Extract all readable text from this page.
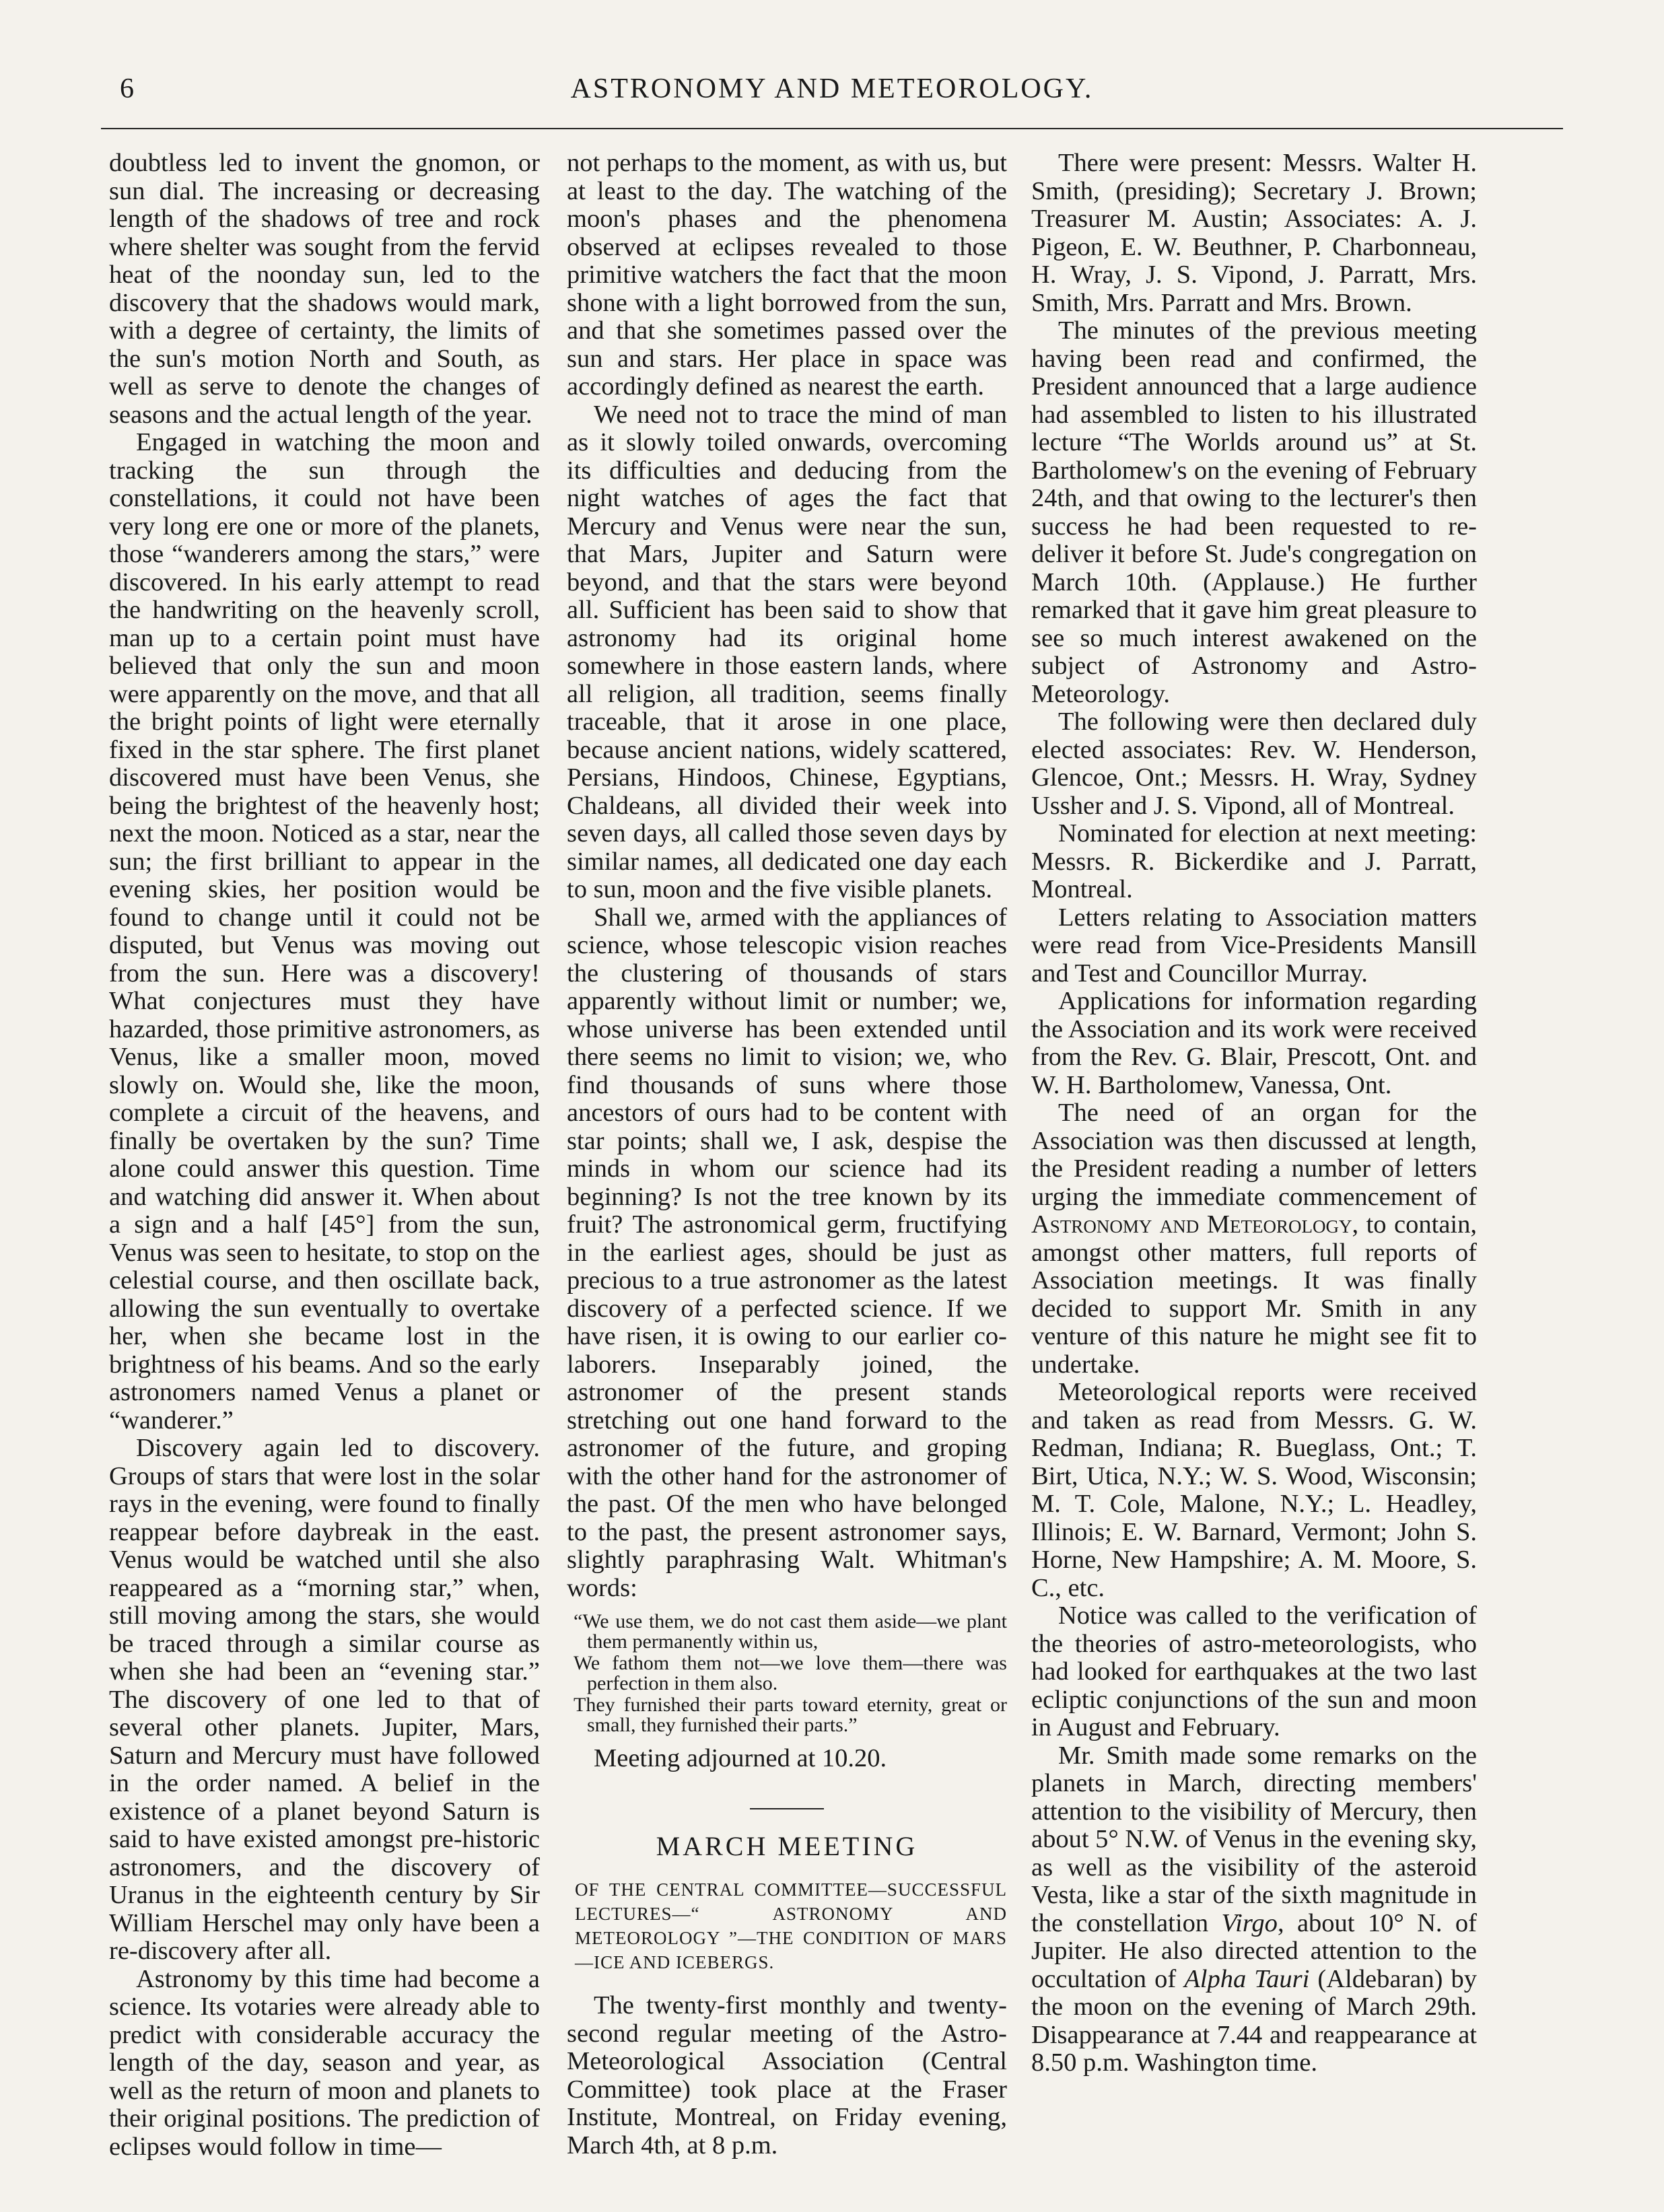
6	ASTRONOMY AND METEOROLOGY.

doubtless led to invent the gnomon, or sun dial. The increasing or decreasing length of the shadows of tree and rock where shelter was sought from the fervid heat of the noonday sun, led to the discovery that the shadows would mark, with a degree of certainty, the limits of the sun's motion North and South, as well as serve to denote the changes of seasons and the actual length of the year.

Engaged in watching the moon and tracking the sun through the constellations, it could not have been very long ere one or more of the planets, those “wanderers among the stars,” were discovered. In his early attempt to read the handwriting on the heavenly scroll, man up to a certain point must have believed that only the sun and moon were apparently on the move, and that all the bright points of light were eternally fixed in the star sphere. The first planet discovered must have been Venus, she being the brightest of the heavenly host; next the moon. Noticed as a star, near the sun; the first brilliant to appear in the evening skies, her position would be found to change until it could not be disputed, but Venus was moving out from the sun. Here was a discovery! What conjectures must they have hazarded, those primitive astronomers, as Venus, like a smaller moon, moved slowly on. Would she, like the moon, complete a circuit of the heavens, and finally be overtaken by the sun? Time alone could answer this question. Time and watching did answer it. When about a sign and a half [45°] from the sun, Venus was seen to hesitate, to stop on the celestial course, and then oscillate back, allowing the sun eventually to overtake her, when she became lost in the brightness of his beams. And so the early astronomers named Venus a planet or “wanderer.”

Discovery again led to discovery. Groups of stars that were lost in the solar rays in the evening, were found to finally reappear before daybreak in the east. Venus would be watched until she also reappeared as a “morning star,” when, still moving among the stars, she would be traced through a similar course as when she had been an “evening star.” The discovery of one led to that of several other planets. Jupiter, Mars, Saturn and Mercury must have followed in the order named. A belief in the existence of a planet beyond Saturn is said to have existed amongst pre-historic astronomers, and the discovery of Uranus in the eighteenth century by Sir William Herschel may only have been a re-discovery after all.

Astronomy by this time had become a science. Its votaries were already able to predict with considerable accuracy the length of the day, season and year, as well as the return of moon and planets to their original positions. The prediction of eclipses would follow in time—

not perhaps to the moment, as with us, but at least to the day. The watching of the moon's phases and the phenomena observed at eclipses revealed to those primitive watchers the fact that the moon shone with a light borrowed from the sun, and that she sometimes passed over the sun and stars. Her place in space was accordingly defined as nearest the earth.

We need not to trace the mind of man as it slowly toiled onwards, overcoming its difficulties and deducing from the night watches of ages the fact that Mercury and Venus were near the sun, that Mars, Jupiter and Saturn were beyond, and that the stars were beyond all. Sufficient has been said to show that astronomy had its original home somewhere in those eastern lands, where all religion, all tradition, seems finally traceable, that it arose in one place, because ancient nations, widely scattered, Persians, Hindoos, Chinese, Egyptians, Chaldeans, all divided their week into seven days, all called those seven days by similar names, all dedicated one day each to sun, moon and the five visible planets.

Shall we, armed with the appliances of science, whose telescopic vision reaches the clustering of thousands of stars apparently without limit or number; we, whose universe has been extended until there seems no limit to vision; we, who find thousands of suns where those ancestors of ours had to be content with star points; shall we, I ask, despise the minds in whom our science had its beginning? Is not the tree known by its fruit? The astronomical germ, fructifying in the earliest ages, should be just as precious to a true astronomer as the latest discovery of a perfected science. If we have risen, it is owing to our earlier co-laborers. Inseparably joined, the astronomer of the present stands stretching out one hand forward to the astronomer of the future, and groping with the other hand for the astronomer of the past. Of the men who have belonged to the past, the present astronomer says, slightly paraphrasing Walt. Whitman's words:

“We use them, we do not cast them aside—we plant them permanently within us,

We fathom them not—we love them—there was perfection in them also.

They furnished their parts toward eternity, great or small, they furnished their parts.”

Meeting adjourned at 10.20.

MARCH MEETING
OF THE CENTRAL COMMITTEE—SUCCESSFUL LECTURES—“ ASTRONOMY AND METEOROLOGY ”—THE CONDITION OF MARS—ICE AND ICEBERGS.

The twenty-first monthly and twenty-second regular meeting of the Astro-Meteorological Association (Central Committee) took place at the Fraser Institute, Montreal, on Friday evening, March 4th, at 8 p.m.

There were present: Messrs. Walter H. Smith, (presiding); Secretary J. Brown; Treasurer M. Austin; Associates: A. J. Pigeon, E. W. Beuthner, P. Charbonneau, H. Wray, J. S. Vipond, J. Parratt, Mrs. Smith, Mrs. Parratt and Mrs. Brown.

The minutes of the previous meeting having been read and confirmed, the President announced that a large audience had assembled to listen to his illustrated lecture “The Worlds around us” at St. Bartholomew's on the evening of February 24th, and that owing to the lecturer's then success he had been requested to re-deliver it before St. Jude's congregation on March 10th. (Applause.) He further remarked that it gave him great pleasure to see so much interest awakened on the subject of Astronomy and Astro-Meteorology.

The following were then declared duly elected associates: Rev. W. Henderson, Glencoe, Ont.; Messrs. H. Wray, Sydney Ussher and J. S. Vipond, all of Montreal.

Nominated for election at next meeting: Messrs. R. Bickerdike and J. Parratt, Montreal.

Letters relating to Association matters were read from Vice-Presidents Mansill and Test and Councillor Murray.

Applications for information regarding the Association and its work were received from the Rev. G. Blair, Prescott, Ont. and W. H. Bartholomew, Vanessa, Ont.

The need of an organ for the Association was then discussed at length, the President reading a number of letters urging the immediate commencement of Astronomy and Meteorology, to contain, amongst other matters, full reports of Association meetings. It was finally decided to support Mr. Smith in any venture of this nature he might see fit to undertake.

Meteorological reports were received and taken as read from Messrs. G. W. Redman, Indiana; R. Bueglass, Ont.; T. Birt, Utica, N.Y.; W. S. Wood, Wisconsin; M. T. Cole, Malone, N.Y.; L. Headley, Illinois; E. W. Barnard, Vermont; John S. Horne, New Hampshire; A. M. Moore, S. C., etc.

Notice was called to the verification of the theories of astro-meteorologists, who had looked for earthquakes at the two last ecliptic conjunctions of the sun and moon in August and February.

Mr. Smith made some remarks on the planets in March, directing members' attention to the visibility of Mercury, then about 5° N.W. of Venus in the evening sky, as well as the visibility of the asteroid Vesta, like a star of the sixth magnitude in the constellation Virgo, about 10° N. of Jupiter. He also directed attention to the occultation of Alpha Tauri (Aldebaran) by the moon on the evening of March 29th. Disappearance at 7.44 and reappearance at 8.50 p.m. Washington time.
